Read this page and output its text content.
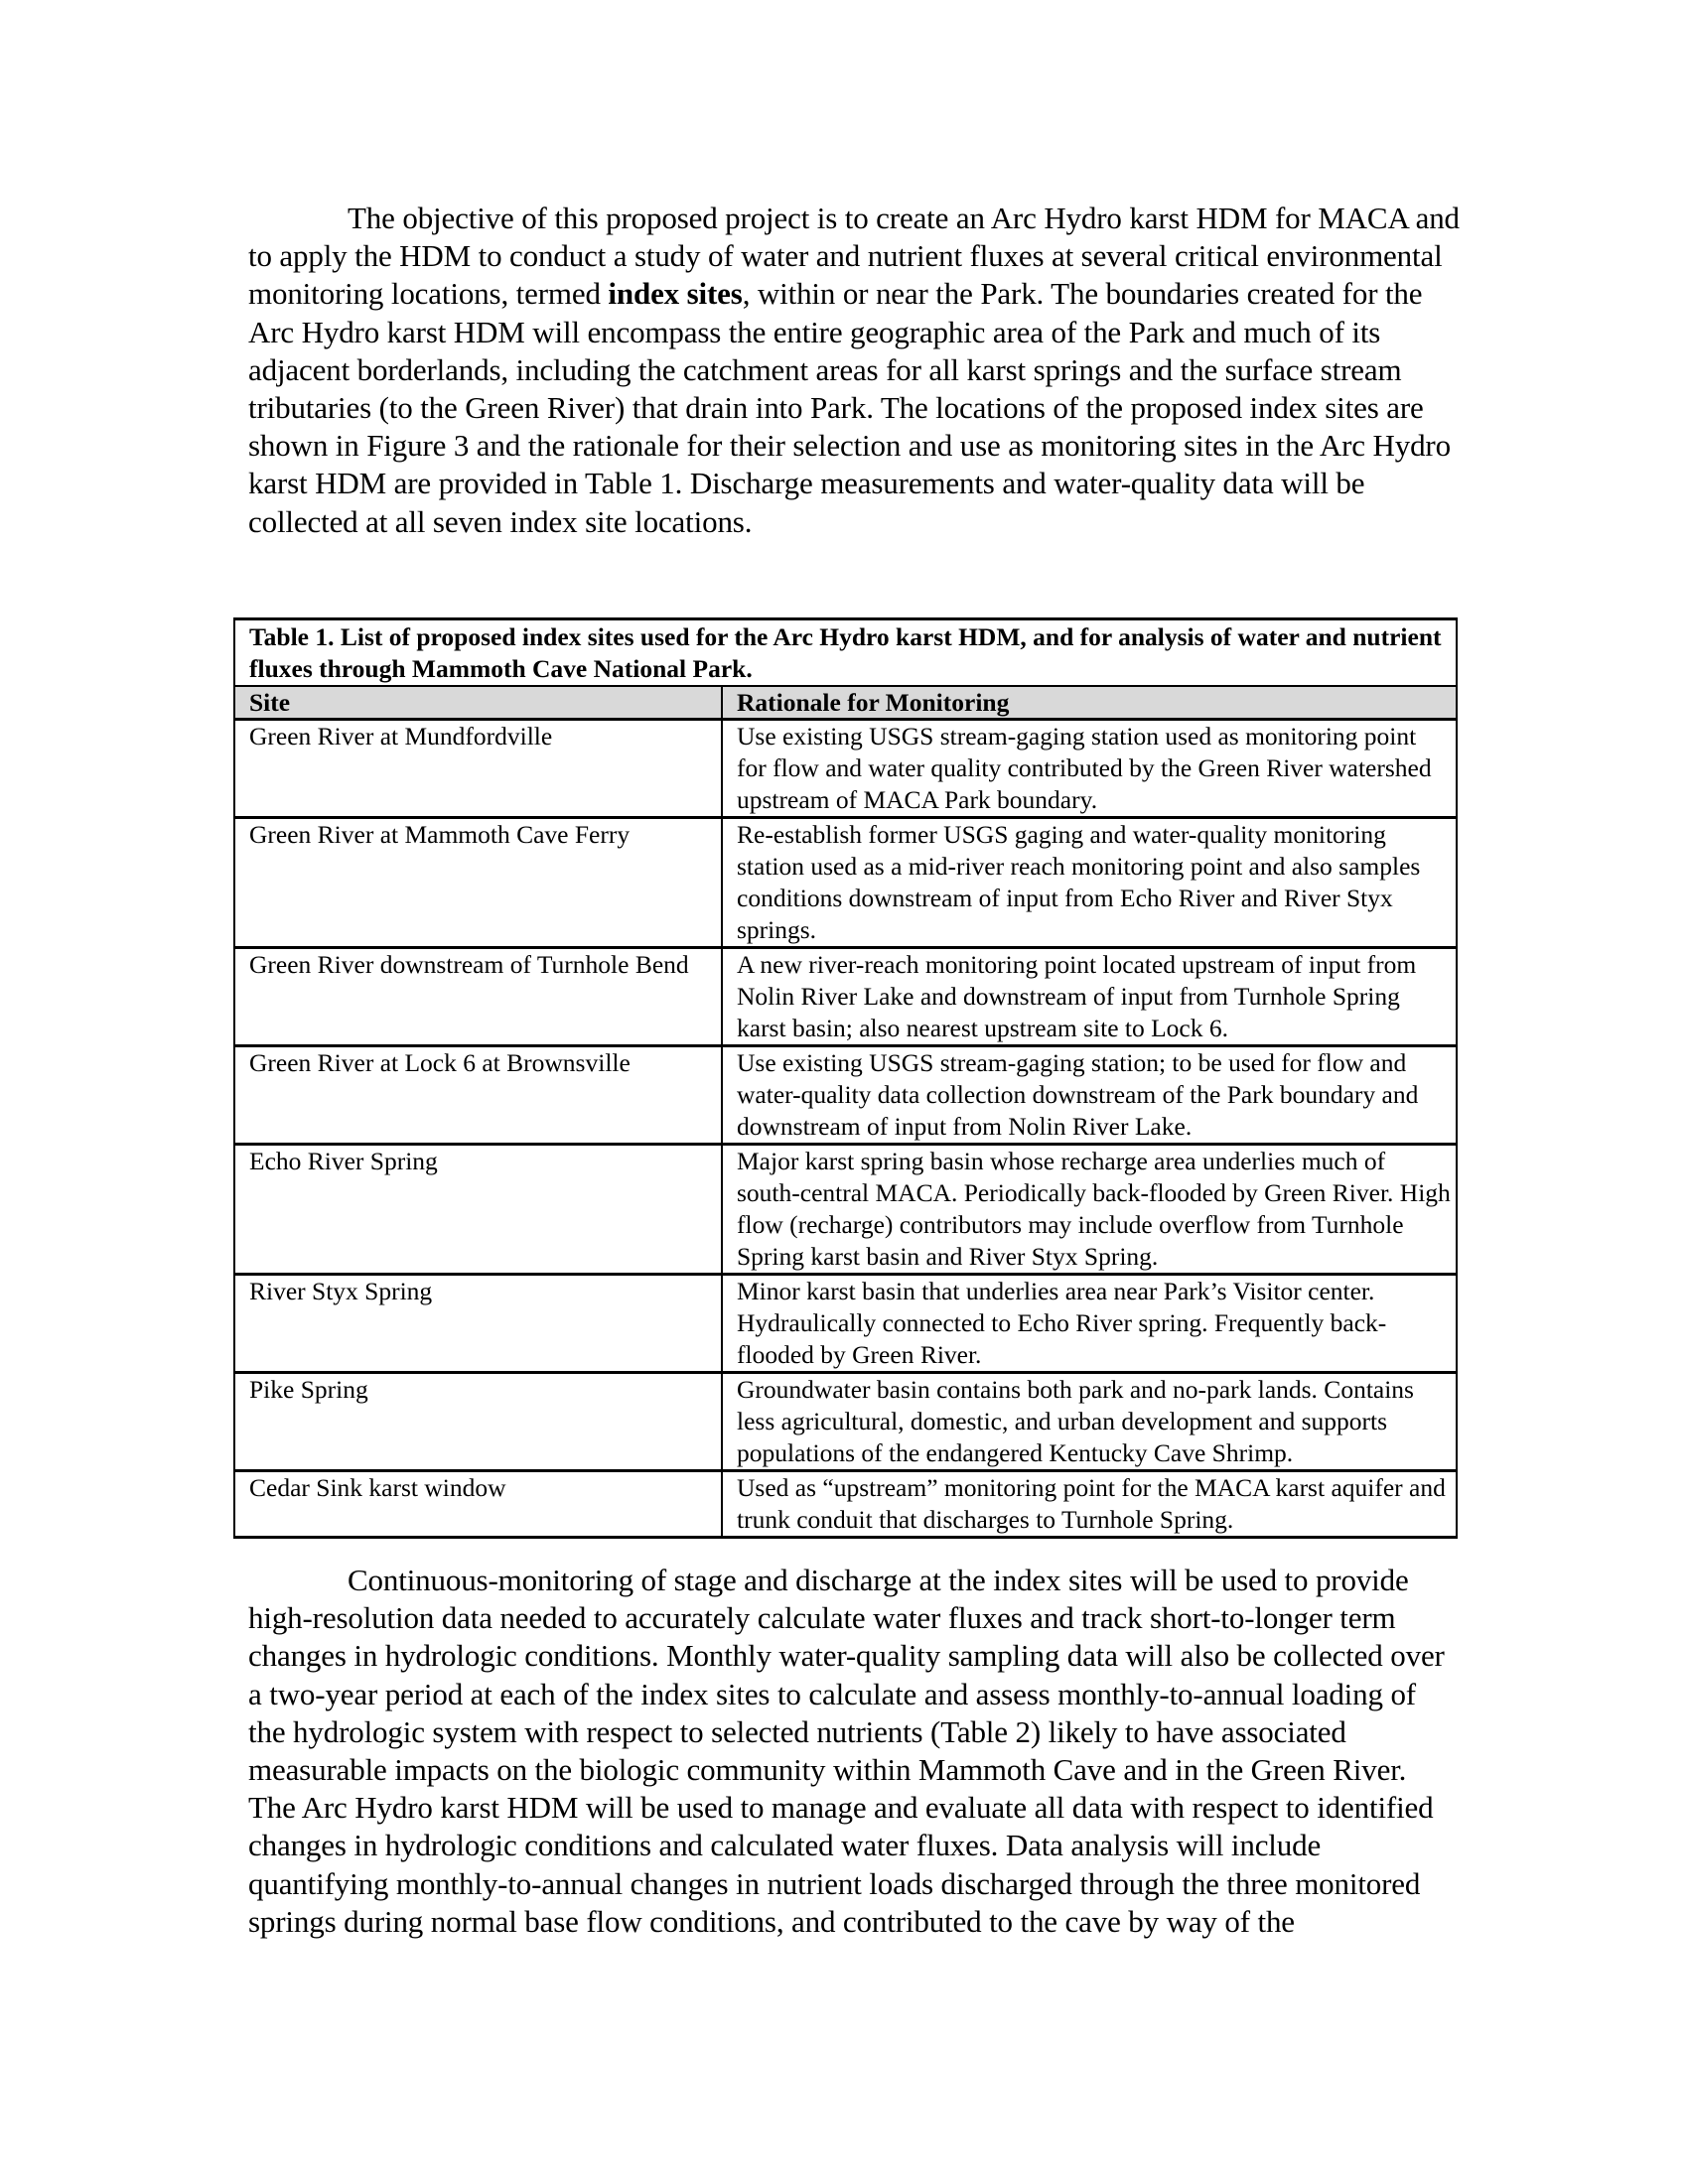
The objective of this proposed project is to create an Arc Hydro karst HDM for MACA and to apply the HDM to conduct a study of water and nutrient fluxes at several critical environmental monitoring locations, termed index sites, within or near the Park. The boundaries created for the Arc Hydro karst HDM will encompass the entire geographic area of the Park and much of its adjacent borderlands, including the catchment areas for all karst springs and the surface stream tributaries (to the Green River) that drain into Park. The locations of the proposed index sites are shown in Figure 3 and the rationale for their selection and use as monitoring sites in the Arc Hydro karst HDM are provided in Table 1. Discharge measurements and water-quality data will be collected at all seven index site locations.

Continuous-monitoring of stage and discharge at the index sites will be used to provide high-resolution data needed to accurately calculate water fluxes and track short-to-longer term changes in hydrologic conditions. Monthly water-quality sampling data will also be collected over a two-year period at each of the index sites to calculate and assess monthly-to-annual loading of the hydrologic system with respect to selected nutrients (Table 2) likely to have associated measurable impacts on the biologic community within Mammoth Cave and in the Green River. The Arc Hydro karst HDM will be used to manage and evaluate all data with respect to identified changes in hydrologic conditions and calculated water fluxes. Data analysis will include quantifying monthly-to-annual changes in nutrient loads discharged through the three monitored springs during normal base flow conditions, and contributed to the cave by way of the

Table 1. List of proposed index sites used for the Arc Hydro karst HDM, and for analysis of water and nutrient fluxes through Mammoth Cave National Park.	
Site	Rationale for Monitoring
Green River at Mundfordville	Use existing USGS stream-gaging station used as monitoring point for flow and water quality contributed by the Green River watershed upstream of MACA Park boundary.
Green River at Mammoth Cave Ferry	Re-establish former USGS gaging and water-quality monitoring station used as a mid-river reach monitoring point and also samples conditions downstream of input from Echo River and River Styx springs.
Green River downstream of Turnhole Bend	A new river-reach monitoring point located upstream of input from Nolin River Lake and downstream of input from Turnhole Spring karst basin; also nearest upstream site to Lock 6.
Green River at Lock 6 at Brownsville	Use existing USGS stream-gaging station; to be used for flow and water-quality data collection downstream of the Park boundary and downstream of input from Nolin River Lake.
Echo River Spring	Major karst spring basin whose recharge area underlies much of south-central MACA. Periodically back-flooded by Green River. High flow (recharge) contributors may include overflow from Turnhole Spring karst basin and River Styx Spring.
River Styx Spring	Minor karst basin that underlies area near Park’s Visitor center. Hydraulically connected to Echo River spring. Frequently back-flooded by Green River.
Pike Spring	Groundwater basin contains both park and no-park lands. Contains less agricultural, domestic, and urban development and supports populations of the endangered Kentucky Cave Shrimp.
Cedar Sink karst window	Used as “upstream” monitoring point for the MACA karst aquifer and trunk conduit that discharges to Turnhole Spring.
